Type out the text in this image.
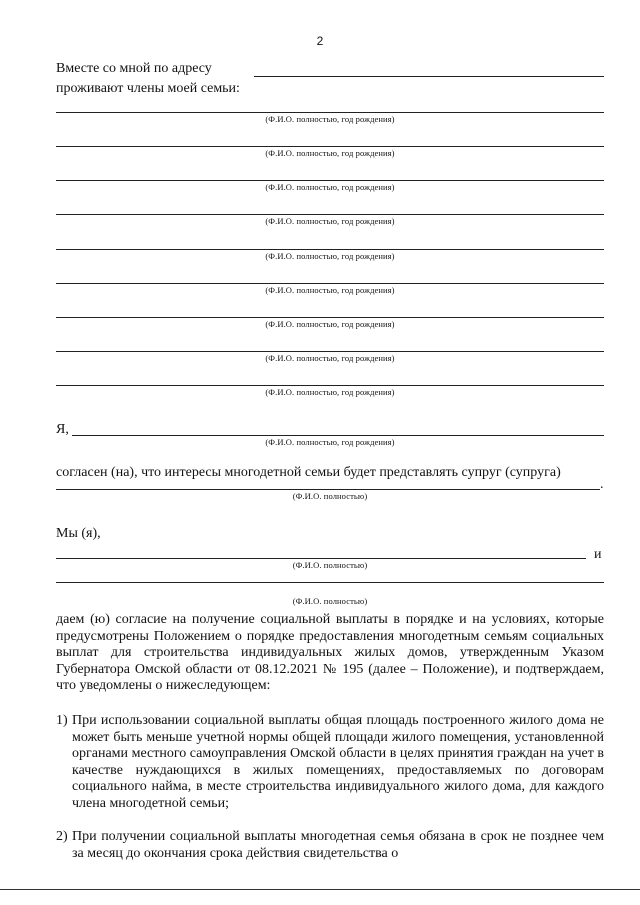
2
Вместе со мной по адресу
проживают члены моей семьи:
(Ф.И.О. полностью, год рождения)
(Ф.И.О. полностью, год рождения)
(Ф.И.О. полностью, год рождения)
(Ф.И.О. полностью, год рождения)
(Ф.И.О. полностью, год рождения)
(Ф.И.О. полностью, год рождения)
(Ф.И.О. полностью, год рождения)
(Ф.И.О. полностью, год рождения)
(Ф.И.О. полностью, год рождения)
Я,
(Ф.И.О. полностью, год рождения)
согласен (на), что интересы многодетной семьи будет представлять супруг (супруга)
.
(Ф.И.О. полностью)
Мы (я),
и
(Ф.И.О. полностью)
(Ф.И.О. полностью)
даем (ю) согласие на получение социальной выплаты в порядке и на условиях, которые предусмотрены Положением о порядке предоставления многодетным семьям социальных выплат для строительства индивидуальных жилых домов, утвержденным Указом Губернатора Омской области от 08.12.2021 № 195 (далее – Положение), и подтверждаем, что уведомлены о нижеследующем:
1) При использовании социальной выплаты общая площадь построенного жилого дома не может быть меньше учетной нормы общей площади жилого помещения, установленной органами местного самоуправления Омской области в целях принятия граждан на учет в качестве нуждающихся в жилых помещениях, предоставляемых по договорам социального найма, в месте строительства индивидуального жилого дома, для каждого члена многодетной семьи;
2) При получении социальной выплаты многодетная семья обязана в срок не позднее чем за месяц до окончания срока действия свидетельства о
